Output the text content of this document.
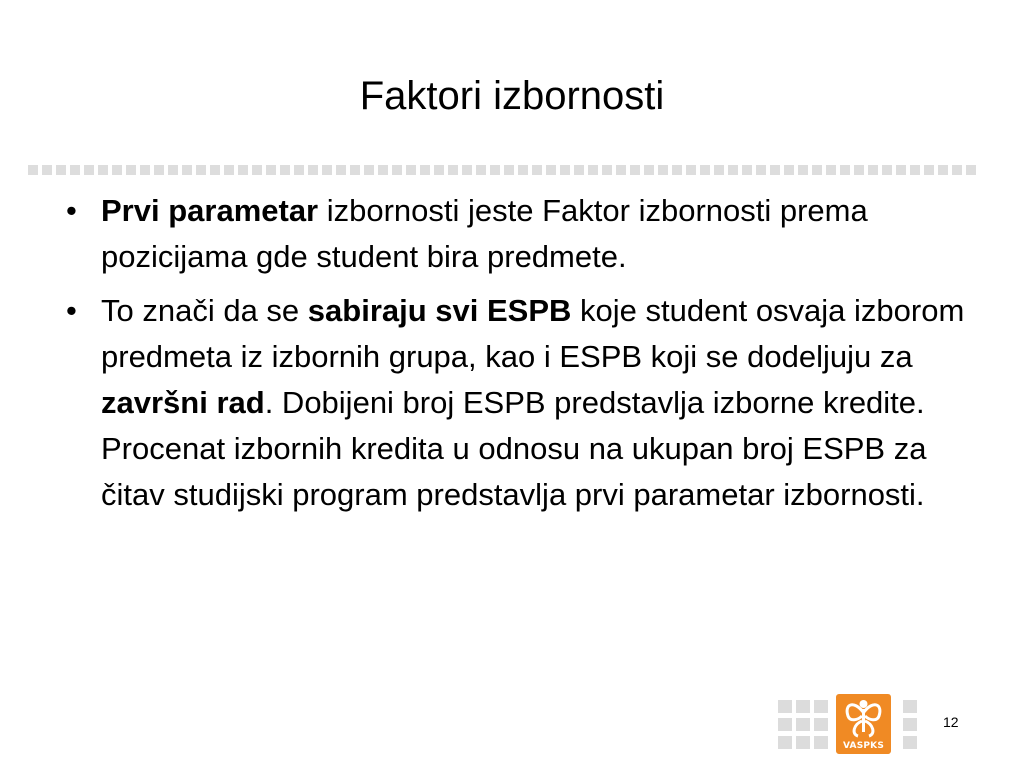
Faktori izbornosti
• Prvi parametar izbornosti jeste Faktor izbornosti prema pozicijama gde student bira predmete.
• To znači da se sabiraju svi ESPB koje student osvaja izborom predmeta iz izbornih grupa, kao i ESPB koji se dodeljuju za završni rad. Dobijeni broj ESPB predstavlja izborne kredite. Procenat izbornih kredita u odnosu na ukupan broj ESPB za čitav studijski program predstavlja prvi parametar izbornosti.
VASPKS
12
